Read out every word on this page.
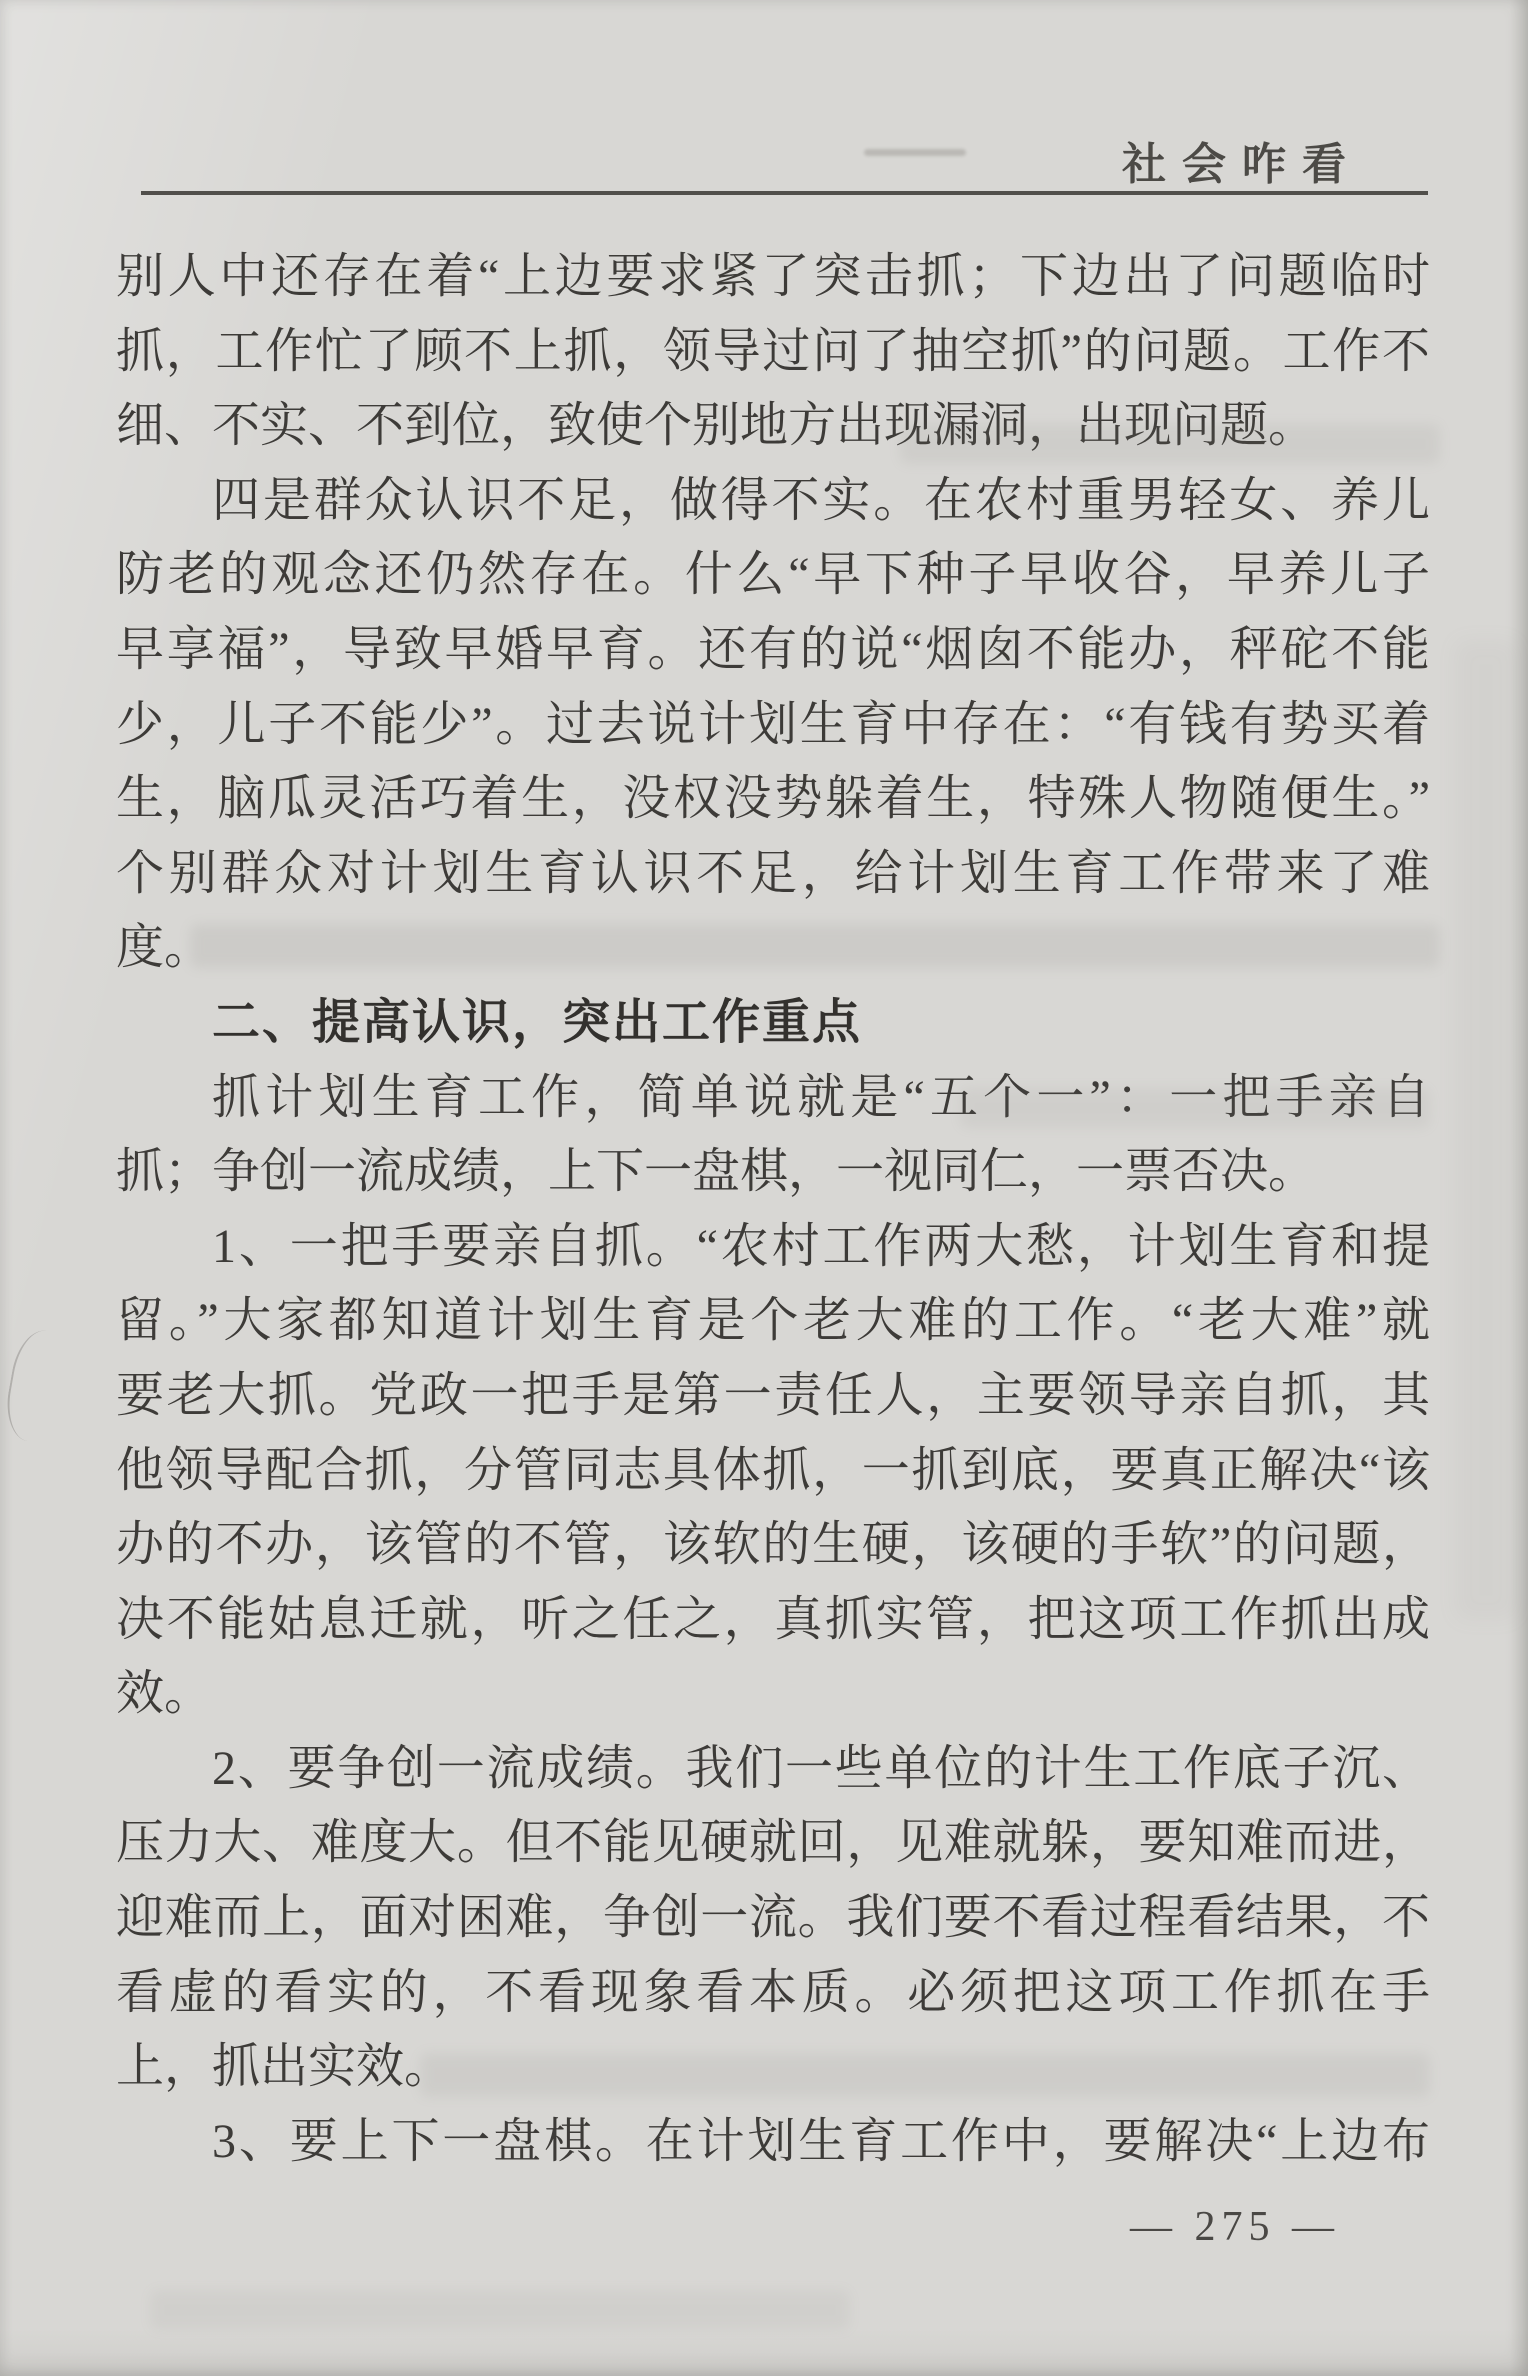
社会咋看
别人中还存在着“上边要求紧了突击抓；下边出了问题临时
抓，工作忙了顾不上抓，领导过问了抽空抓”的问题。工作不
细、不实、不到位，致使个别地方出现漏洞，出现问题。
四是群众认识不足，做得不实。在农村重男轻女、养儿
防老的观念还仍然存在。什么“早下种子早收谷，早养儿子
早享福”，导致早婚早育。还有的说“烟囱不能办，秤砣不能
少，儿子不能少”。过去说计划生育中存在：“有钱有势买着
生，脑瓜灵活巧着生，没权没势躲着生，特殊人物随便生。”
个别群众对计划生育认识不足，给计划生育工作带来了难
度。
二、提高认识，突出工作重点
抓计划生育工作，简单说就是“五个一”：一把手亲自
抓；争创一流成绩，上下一盘棋，一视同仁，一票否决。
1、一把手要亲自抓。“农村工作两大愁，计划生育和提
留。”大家都知道计划生育是个老大难的工作。“老大难”就
要老大抓。党政一把手是第一责任人，主要领导亲自抓，其
他领导配合抓，分管同志具体抓，一抓到底，要真正解决“该
办的不办，该管的不管，该软的生硬，该硬的手软”的问题，
决不能姑息迁就，听之任之，真抓实管，把这项工作抓出成
效。
2、要争创一流成绩。我们一些单位的计生工作底子沉、
压力大、难度大。但不能见硬就回，见难就躲，要知难而进，
迎难而上，面对困难，争创一流。我们要不看过程看结果，不
看虚的看实的，不看现象看本质。必须把这项工作抓在手
上，抓出实效。
3、要上下一盘棋。在计划生育工作中，要解决“上边布
— 275 —
